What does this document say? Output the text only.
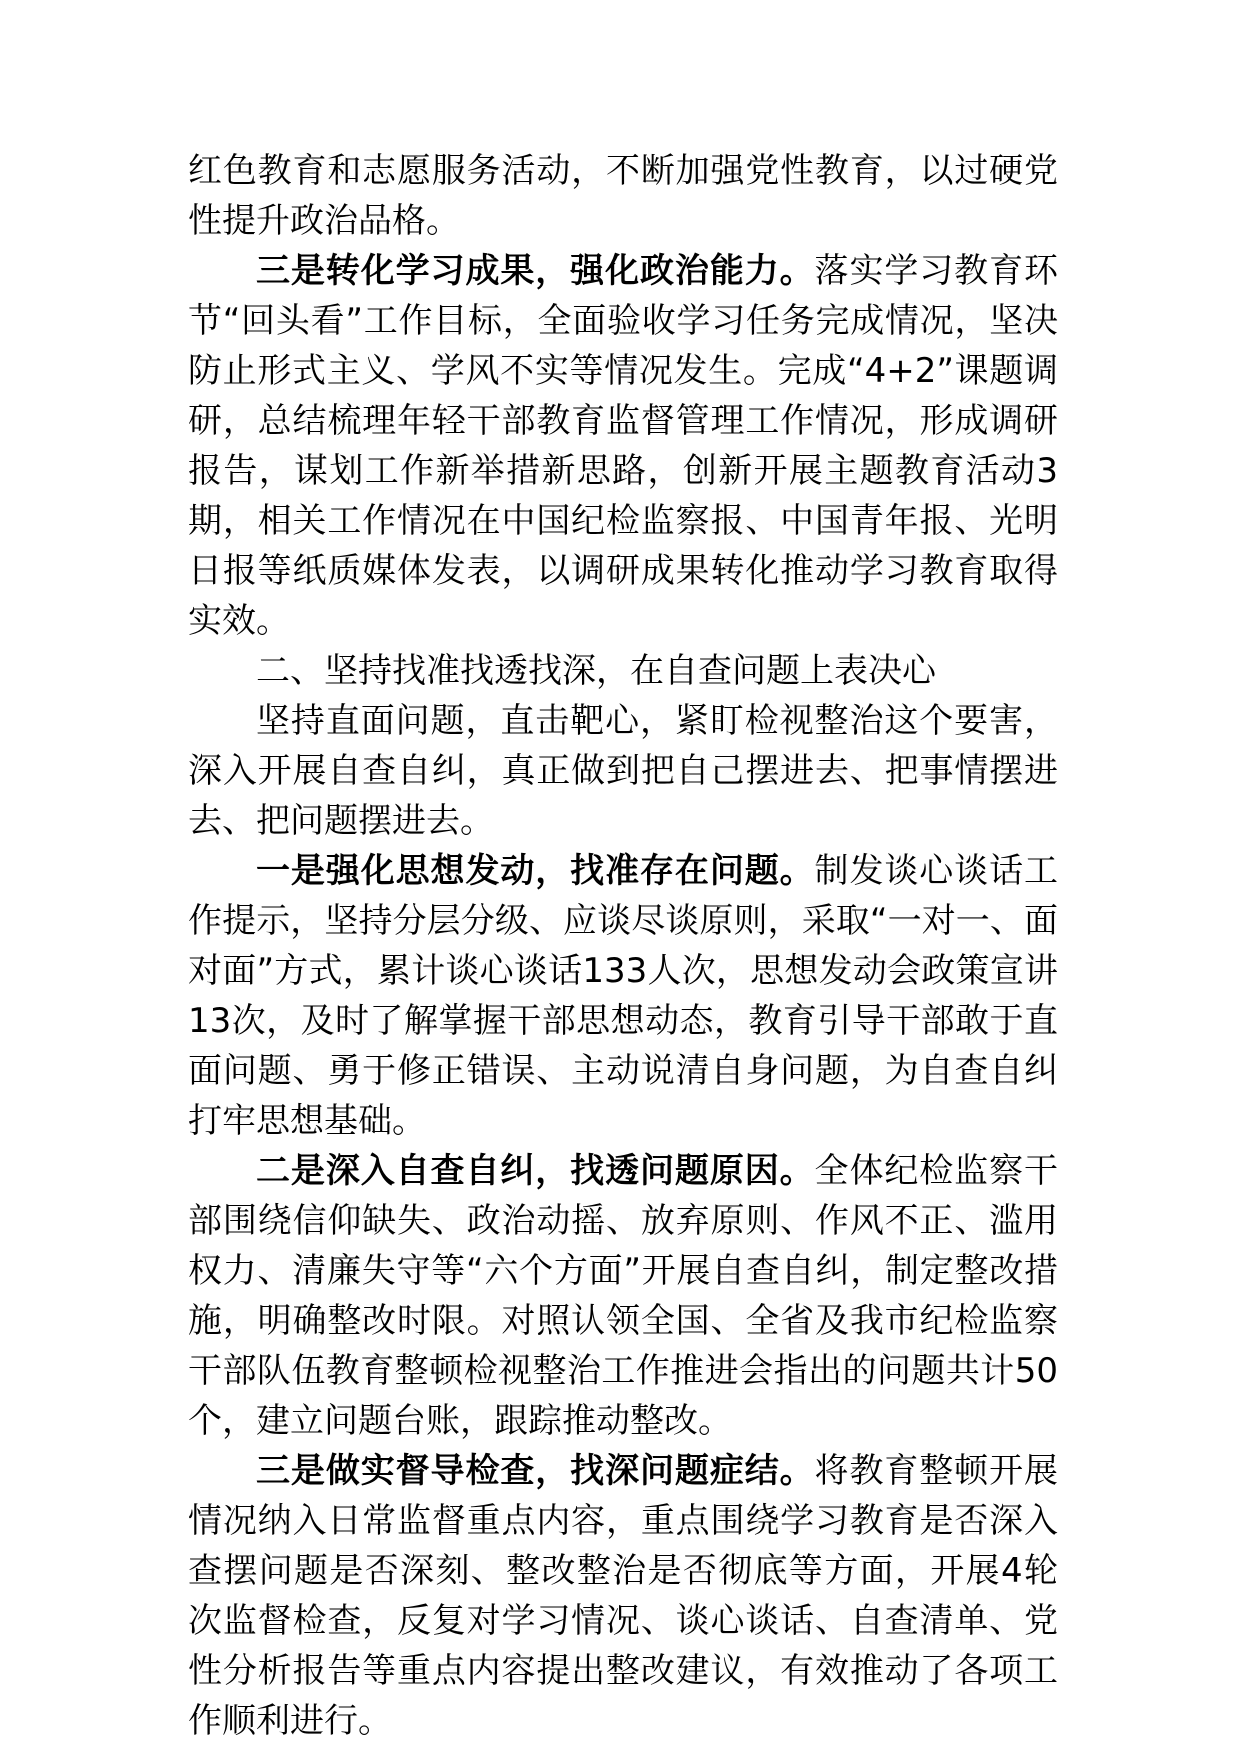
红色教育和志愿服务活动，不断加强党性教育，以过硬党性提升政治品格。

三是转化学习成果，强化政治能力。落实学习教育环节“回头看”工作目标，全面验收学习任务完成情况，坚决防止形式主义、学风不实等情况发生。完成“4+2”课题调研，总结梳理年轻干部教育监督管理工作情况，形成调研报告，谋划工作新举措新思路，创新开展主题教育活动3期，相关工作情况在中国纪检监察报、中国青年报、光明日报等纸质媒体发表，以调研成果转化推动学习教育取得实效。

二、坚持找准找透找深，在自查问题上表决心

坚持直面问题，直击靶心，紧盯检视整治这个要害，深入开展自查自纠，真正做到把自己摆进去、把事情摆进去、把问题摆进去。

一是强化思想发动，找准存在问题。制发谈心谈话工作提示，坚持分层分级、应谈尽谈原则，采取“一对一、面对面”方式，累计谈心谈话133人次，思想发动会政策宣讲13次，及时了解掌握干部思想动态，教育引导干部敢于直面问题、勇于修正错误、主动说清自身问题，为自查自纠打牢思想基础。

二是深入自查自纠，找透问题原因。全体纪检监察干部围绕信仰缺失、政治动摇、放弃原则、作风不正、滥用权力、清廉失守等“六个方面”开展自查自纠，制定整改措施，明确整改时限。对照认领全国、全省及我市纪检监察干部队伍教育整顿检视整治工作推进会指出的问题共计50个，建立问题台账，跟踪推动整改。

三是做实督导检查，找深问题症结。将教育整顿开展情况纳入日常监督重点内容，重点围绕学习教育是否深入查摆问题是否深刻、整改整治是否彻底等方面，开展4轮次监督检查，反复对学习情况、谈心谈话、自查清单、党性分析报告等重点内容提出整改建议，有效推动了各项工作顺利进行。
